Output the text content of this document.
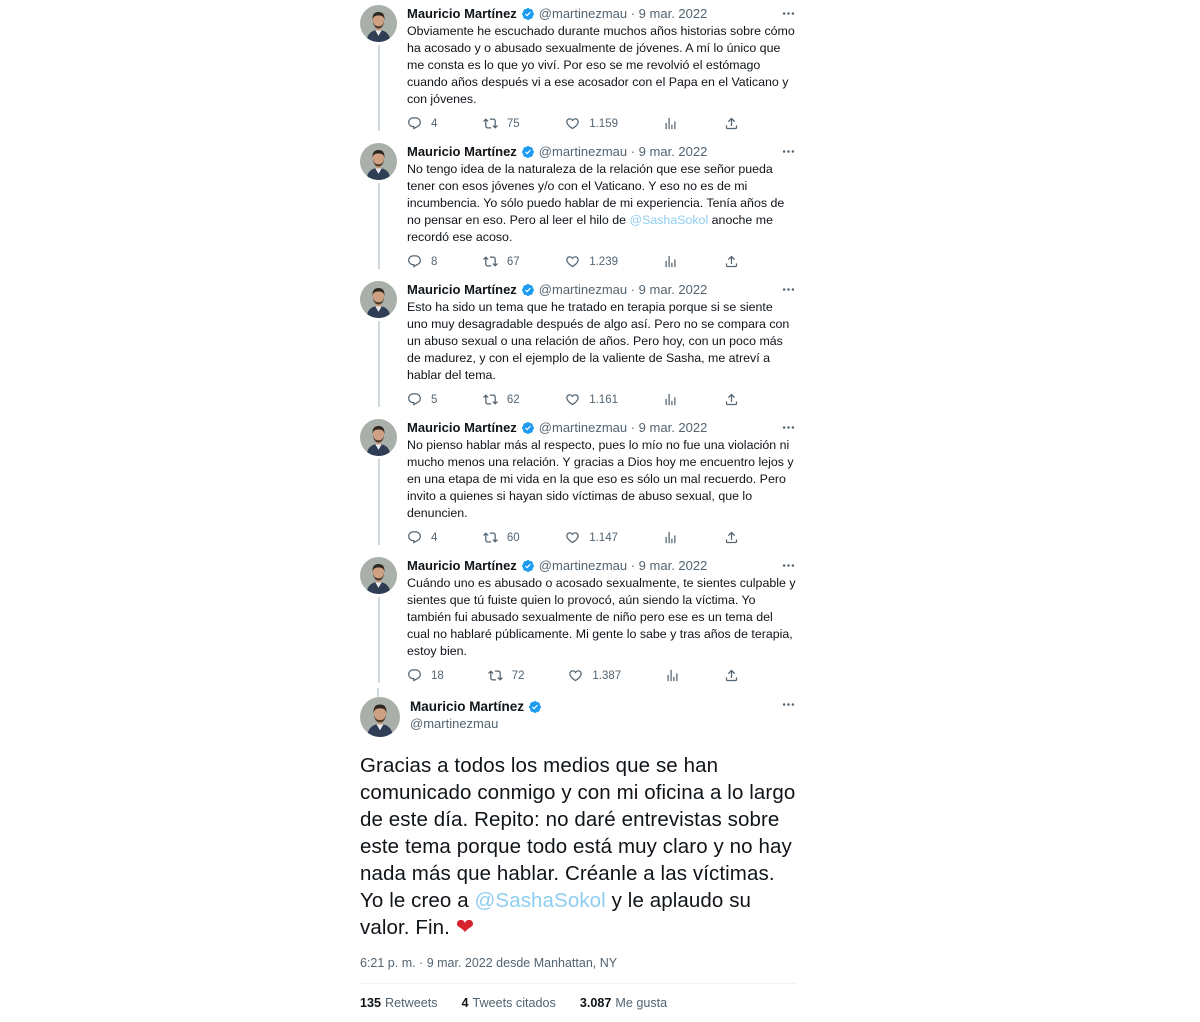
Mauricio Martínez @martinezmau · 9 mar. 2022

Obviamente he escuchado durante muchos años historias sobre cómo ha acosado y o abusado sexualmente de jóvenes. A mí lo único que me consta es lo que yo viví. Por eso se me revolvió el estómago cuando años después vi a ese acosador con el Papa en el Vaticano y con jóvenes.

4	75	1.159
Mauricio Martínez @martinezmau · 9 mar. 2022

No tengo idea de la naturaleza de la relación que ese señor pueda tener con esos jóvenes y/o con el Vaticano. Y eso no es de mi incumbencia. Yo sólo puedo hablar de mi experiencia. Tenía años de no pensar en eso. Pero al leer el hilo de @SashaSokol anoche me recordó ese acoso.

8	67	1.239
Mauricio Martínez @martinezmau · 9 mar. 2022

Esto ha sido un tema que he tratado en terapia porque si se siente uno muy desagradable después de algo así. Pero no se compara con un abuso sexual o una relación de años. Pero hoy, con un poco más de madurez, y con el ejemplo de la valiente de Sasha, me atreví a hablar del tema.

5	62	1.161
Mauricio Martínez @martinezmau · 9 mar. 2022

No pienso hablar más al respecto, pues lo mío no fue una violación ni mucho menos una relación. Y gracias a Dios hoy me encuentro lejos y en una etapa de mi vida en la que eso es sólo un mal recuerdo. Pero invito a quienes si hayan sido víctimas de abuso sexual, que lo denuncien.

4	60	1.147
Mauricio Martínez @martinezmau · 9 mar. 2022

Cuándo uno es abusado o acosado sexualmente, te sientes culpable y sientes que tú fuiste quien lo provocó, aún siendo la víctima. Yo también fui abusado sexualmente de niño pero ese es un tema del cual no hablaré públicamente. Mi gente lo sabe y tras años de terapia, estoy bien.

18	72	1.387
Mauricio Martínez
@martinezmau

Gracias a todos los medios que se han comunicado conmigo y con mi oficina a lo largo de este día. Repito: no daré entrevistas sobre este tema porque todo está muy claro y no hay nada más que hablar. Créanle a las víctimas. Yo le creo a @SashaSokol y le aplaudo su valor. Fin. ❤

6:21 p. m. · 9 mar. 2022 desde Manhattan, NY
135 Retweets 4 Tweets citados 3.087 Me gusta
